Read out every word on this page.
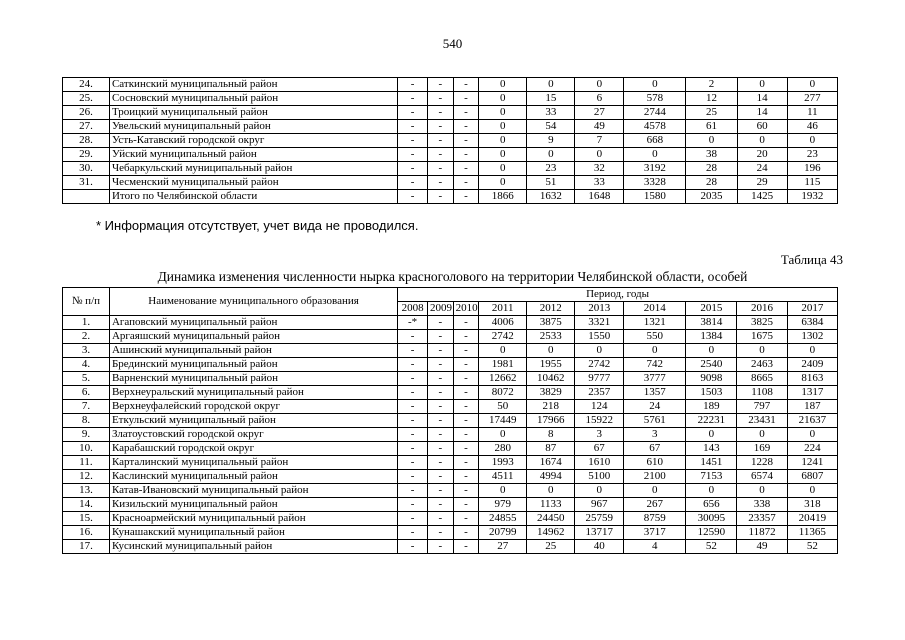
540
24.	Саткинский муниципальный район	-	-	-	0	0	0	0	2	0	0
25.	Сосновский муниципальный район	-	-	-	0	15	6	578	12	14	277
26.	Троицкий муниципальный район	-	-	-	0	33	27	2744	25	14	11
27.	Увельский муниципальный район	-	-	-	0	54	49	4578	61	60	46
28.	Усть-Катавский городской округ	-	-	-	0	9	7	668	0	0	0
29.	Уйский муниципальный район	-	-	-	0	0	0	0	38	20	23
30.	Чебаркульский муниципальный район	-	-	-	0	23	32	3192	28	24	196
31.	Чесменский муниципальный район	-	-	-	0	51	33	3328	28	29	115
	Итого по Челябинской области	-	-	-	1866	1632	1648	1580	2035	1425	1932
* Информация отсутствует, учет вида не проводился.
Таблица 43
Динамика изменения численности нырка красноголового на территории Челябинской области, особей
№ п/п	Наименование муниципального образования	Период, годы									
		2008	2009	2010	2011	2012	2013	2014	2015	2016	2017
1.	Агаповский муниципальный район	-*	-	-	4006	3875	3321	1321	3814	3825	6384
2.	Аргаяшский муниципальный район	-	-	-	2742	2533	1550	550	1384	1675	1302
3.	Ашинский муниципальный район	-	-	-	0	0	0	0	0	0	0
4.	Брединский муниципальный район	-	-	-	1981	1955	2742	742	2540	2463	2409
5.	Варненский муниципальный район	-	-	-	12662	10462	9777	3777	9098	8665	8163
6.	Верхнеуральский муниципальный район	-	-	-	8072	3829	2357	1357	1503	1108	1317
7.	Верхнеуфалейский городской округ	-	-	-	50	218	124	24	189	797	187
8.	Еткульский муниципальный район	-	-	-	17449	17966	15922	5761	22231	23431	21637
9.	Златоустовский городской округ	-	-	-	0	8	3	3	0	0	0
10.	Карабашский городской округ	-	-	-	280	87	67	67	143	169	224
11.	Карталинский муниципальный район	-	-	-	1993	1674	1610	610	1451	1228	1241
12.	Каслинский муниципальный район	-	-	-	4511	4994	5100	2100	7153	6574	6807
13.	Катав-Ивановский муниципальный район	-	-	-	0	0	0	0	0	0	0
14.	Кизильский муниципальный район	-	-	-	979	1133	967	267	656	338	318
15.	Красноармейский муниципальный район	-	-	-	24855	24450	25759	8759	30095	23357	20419
16.	Кунашакский муниципальный район	-	-	-	20799	14962	13717	3717	12590	11872	11365
17.	Кусинский муниципальный район	-	-	-	27	25	40	4	52	49	52
